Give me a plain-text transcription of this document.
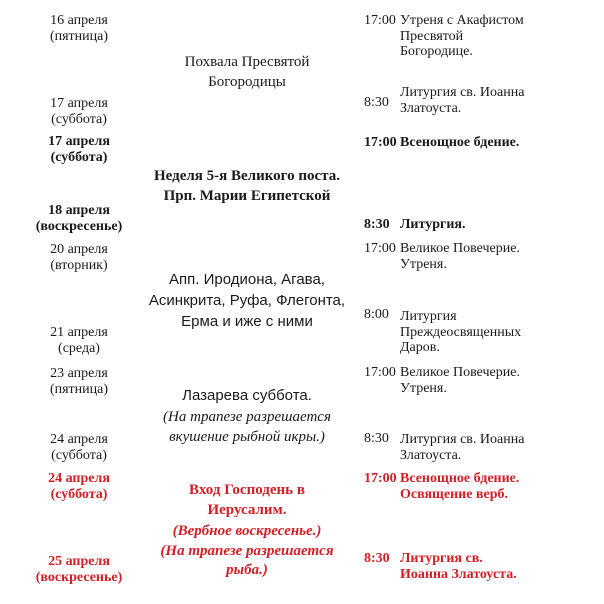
16 апреля
(пятница)
17 апреля
(суббота)
17 апреля
(суббота)
18 апреля
(воскресенье)
20 апреля
(вторник)
21 апреля
(среда)
23 апреля
(пятница)
24 апреля
(суббота)
24 апреля
(суббота)
25 апреля
(воскресенье)
Похвала Пресвятой
Богородицы
Неделя 5-я Великого поста.
Прп. Марии Египетской
Апп. Иродиона, Агава,
Асинкрита, Руфа, Флегонта,
Ерма и иже с ними
Лазарева суббота.
(На трапезе разрешается
вкушение рыбной икры.)
Вход Господень в
Иерусалим.
(Вербное воскресенье.)
(На трапезе разрешается
рыба.)
17:00
8:30
17:00
8:30
17:00
8:00
17:00
8:30
17:00
8:30
Утреня с Акафистом
Пресвятой
Богородице.
Литургия св. Иоанна
Златоуста.
Всенощное бдение.
Литургия.
Великое Повечерие.
Утреня.
Литургия
Преждеосвященных
Даров.
Великое Повечерие.
Утреня.
Литургия св. Иоанна
Златоуста.
Всенощное бдение.
Освящение верб.
Литургия св.
Иоанна Златоуста.
